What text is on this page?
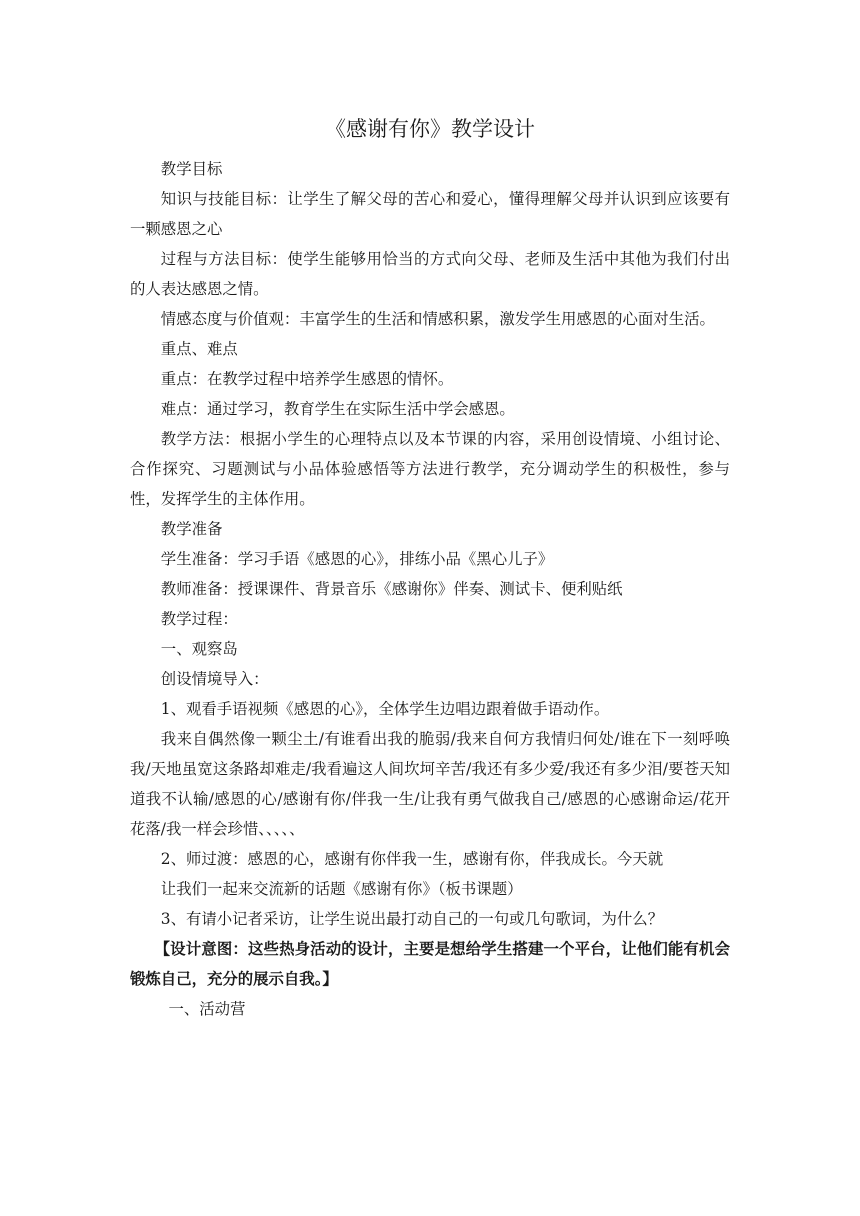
《感谢有你》教学设计

教学目标

知识与技能目标：让学生了解父母的苦心和爱心，懂得理解父母并认识到应该要有一颗感恩之心

过程与方法目标：使学生能够用恰当的方式向父母、老师及生活中其他为我们付出的人表达感恩之情。

情感态度与价值观：丰富学生的生活和情感积累，激发学生用感恩的心面对生活。

重点、难点

重点：在教学过程中培养学生感恩的情怀。

难点：通过学习，教育学生在实际生活中学会感恩。

教学方法：根据小学生的心理特点以及本节课的内容，采用创设情境、小组讨论、合作探究、习题测试与小品体验感悟等方法进行教学，充分调动学生的积极性，参与性，发挥学生的主体作用。

教学准备

学生准备：学习手语《感恩的心》，排练小品《黑心儿子》

教师准备：授课课件、背景音乐《感谢你》伴奏、测试卡、便利贴纸

教学过程：

一、观察岛

创设情境导入：

1、观看手语视频《感恩的心》，全体学生边唱边跟着做手语动作。

我来自偶然像一颗尘土/有谁看出我的脆弱/我来自何方我情归何处/谁在下一刻呼唤我/天地虽宽这条路却难走/我看遍这人间坎坷辛苦/我还有多少爱/我还有多少泪/要苍天知道我不认输/感恩的心/感谢有你/伴我一生/让我有勇气做我自己/感恩的心感谢命运/花开花落/我一样会珍惜、、、、、

2、师过渡：感恩的心，感谢有你伴我一生，感谢有你，伴我成长。今天就

让我们一起来交流新的话题《感谢有你》（板书课题）

3、有请小记者采访，让学生说出最打动自己的一句或几句歌词，为什么？

【设计意图：这些热身活动的设计，主要是想给学生搭建一个平台，让他们能有机会锻炼自己，充分的展示自我。】

一、活动营
